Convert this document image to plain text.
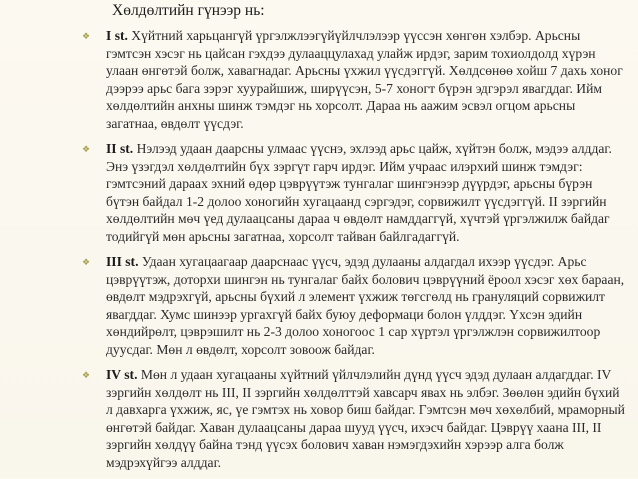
Хөлдөлтийн гүнээр нь:
❖ I st. Хүйтний харьцангүй үргэлжлээгүйүйлчлэлээр үүссэн хөнгөн хэлбэр. Арьсны гэмтсэн хэсэг нь цайсан гэхдээ дулааццулахад улайж ирдэг, зарим тохиолдолд хүрэн улаан өнгөтэй болж, хавагнадаг. Арьсны үхжил үүсдэггүй. Хөлдсөнөө хойш 7 дахь хоног дээрээ арьс бага зэрэг хуурайшиж, ширүүсэн, 5-7 хоногт бүрэн эдгэрэл явагддаг. Ийм хөлдөлтийн анхны шинж тэмдэг нь хорсолт. Дараа нь аажим эсвэл огцом арьсны загатнаа, өвдөлт үүсдэг.
❖ II st. Нэлээд удаан даарсны улмаас үүснэ, эхлээд арьс цайж, хүйтэн болж, мэдээ алддаг. Энэ үзэгдэл хөлдөлтийн бүх зэргүт гарч ирдэг. Ийм учраас илэрхий шинж тэмдэг: гэмтсэний дараах эхний өдөр цэврүүтэж тунгалаг шингэнээр дүүрдэг, арьсны бүрэн бүтэн байдал 1-2 долоо хоногийн хугацаанд сэргэдэг, сорвижилт үүсдэггүй. II зэргийн хөлдөлтийн мөч үед дулаацсаны дараа ч өвдөлт намддаггүй, хүчтэй үргэлжилж байдаг тодийгүй мөн арьсны загатнаа, хорсолт тайван байлгадаггүй.
❖ III st. Удаан хугацаагаар даарснаас үүсч, эдэд дулааны алдагдал ихээр үүсдэг. Арьс цэврүүтэж, доторхи шингэн нь тунгалаг байх болович цэврүүний ёроол хэсэг хөх бараан, өвдөлт мэдрэхгүй, арьсны бүхий л элемент үхжиж төгсгөлд нь грануляций сорвижилт явагддаг. Хумс шинээр ургахгүй байх буюу деформаци болон үлддэг. Үхсэн эдийн хөндийрөлт, цэврэшилт нь 2-3 долоо хоногоос 1 сар хүртэл үргэлжлэн сорвижилтоор дуусдаг. Мөн л өвдөлт, хорсолт зовоож байдаг.
❖ IV st. Мөн л удаан хугацааны хүйтний үйлчлэлийн дүнд үүсч эдэд дулаан алдагддаг. IV зэргийн хөлдөлт нь III, II зэргийн хөлдөлттэй хавсарч явах нь элбэг. Зөөлөн эдийн бүхий л давхарга үхжиж, яс, үе гэмтэх нь ховор биш байдаг. Гэмтсэн мөч хөхөлбий, мраморный өнгөтэй байдаг. Хаван дулаацсаны дараа шууд үүсч, ихэсч байдаг. Цэврүү хаана III, II зэргийн хөлдүү байна тэнд үүсэх болович хаван нэмэгдэхийн хэрээр алга болж мэдрэхүйгээ алддаг.
